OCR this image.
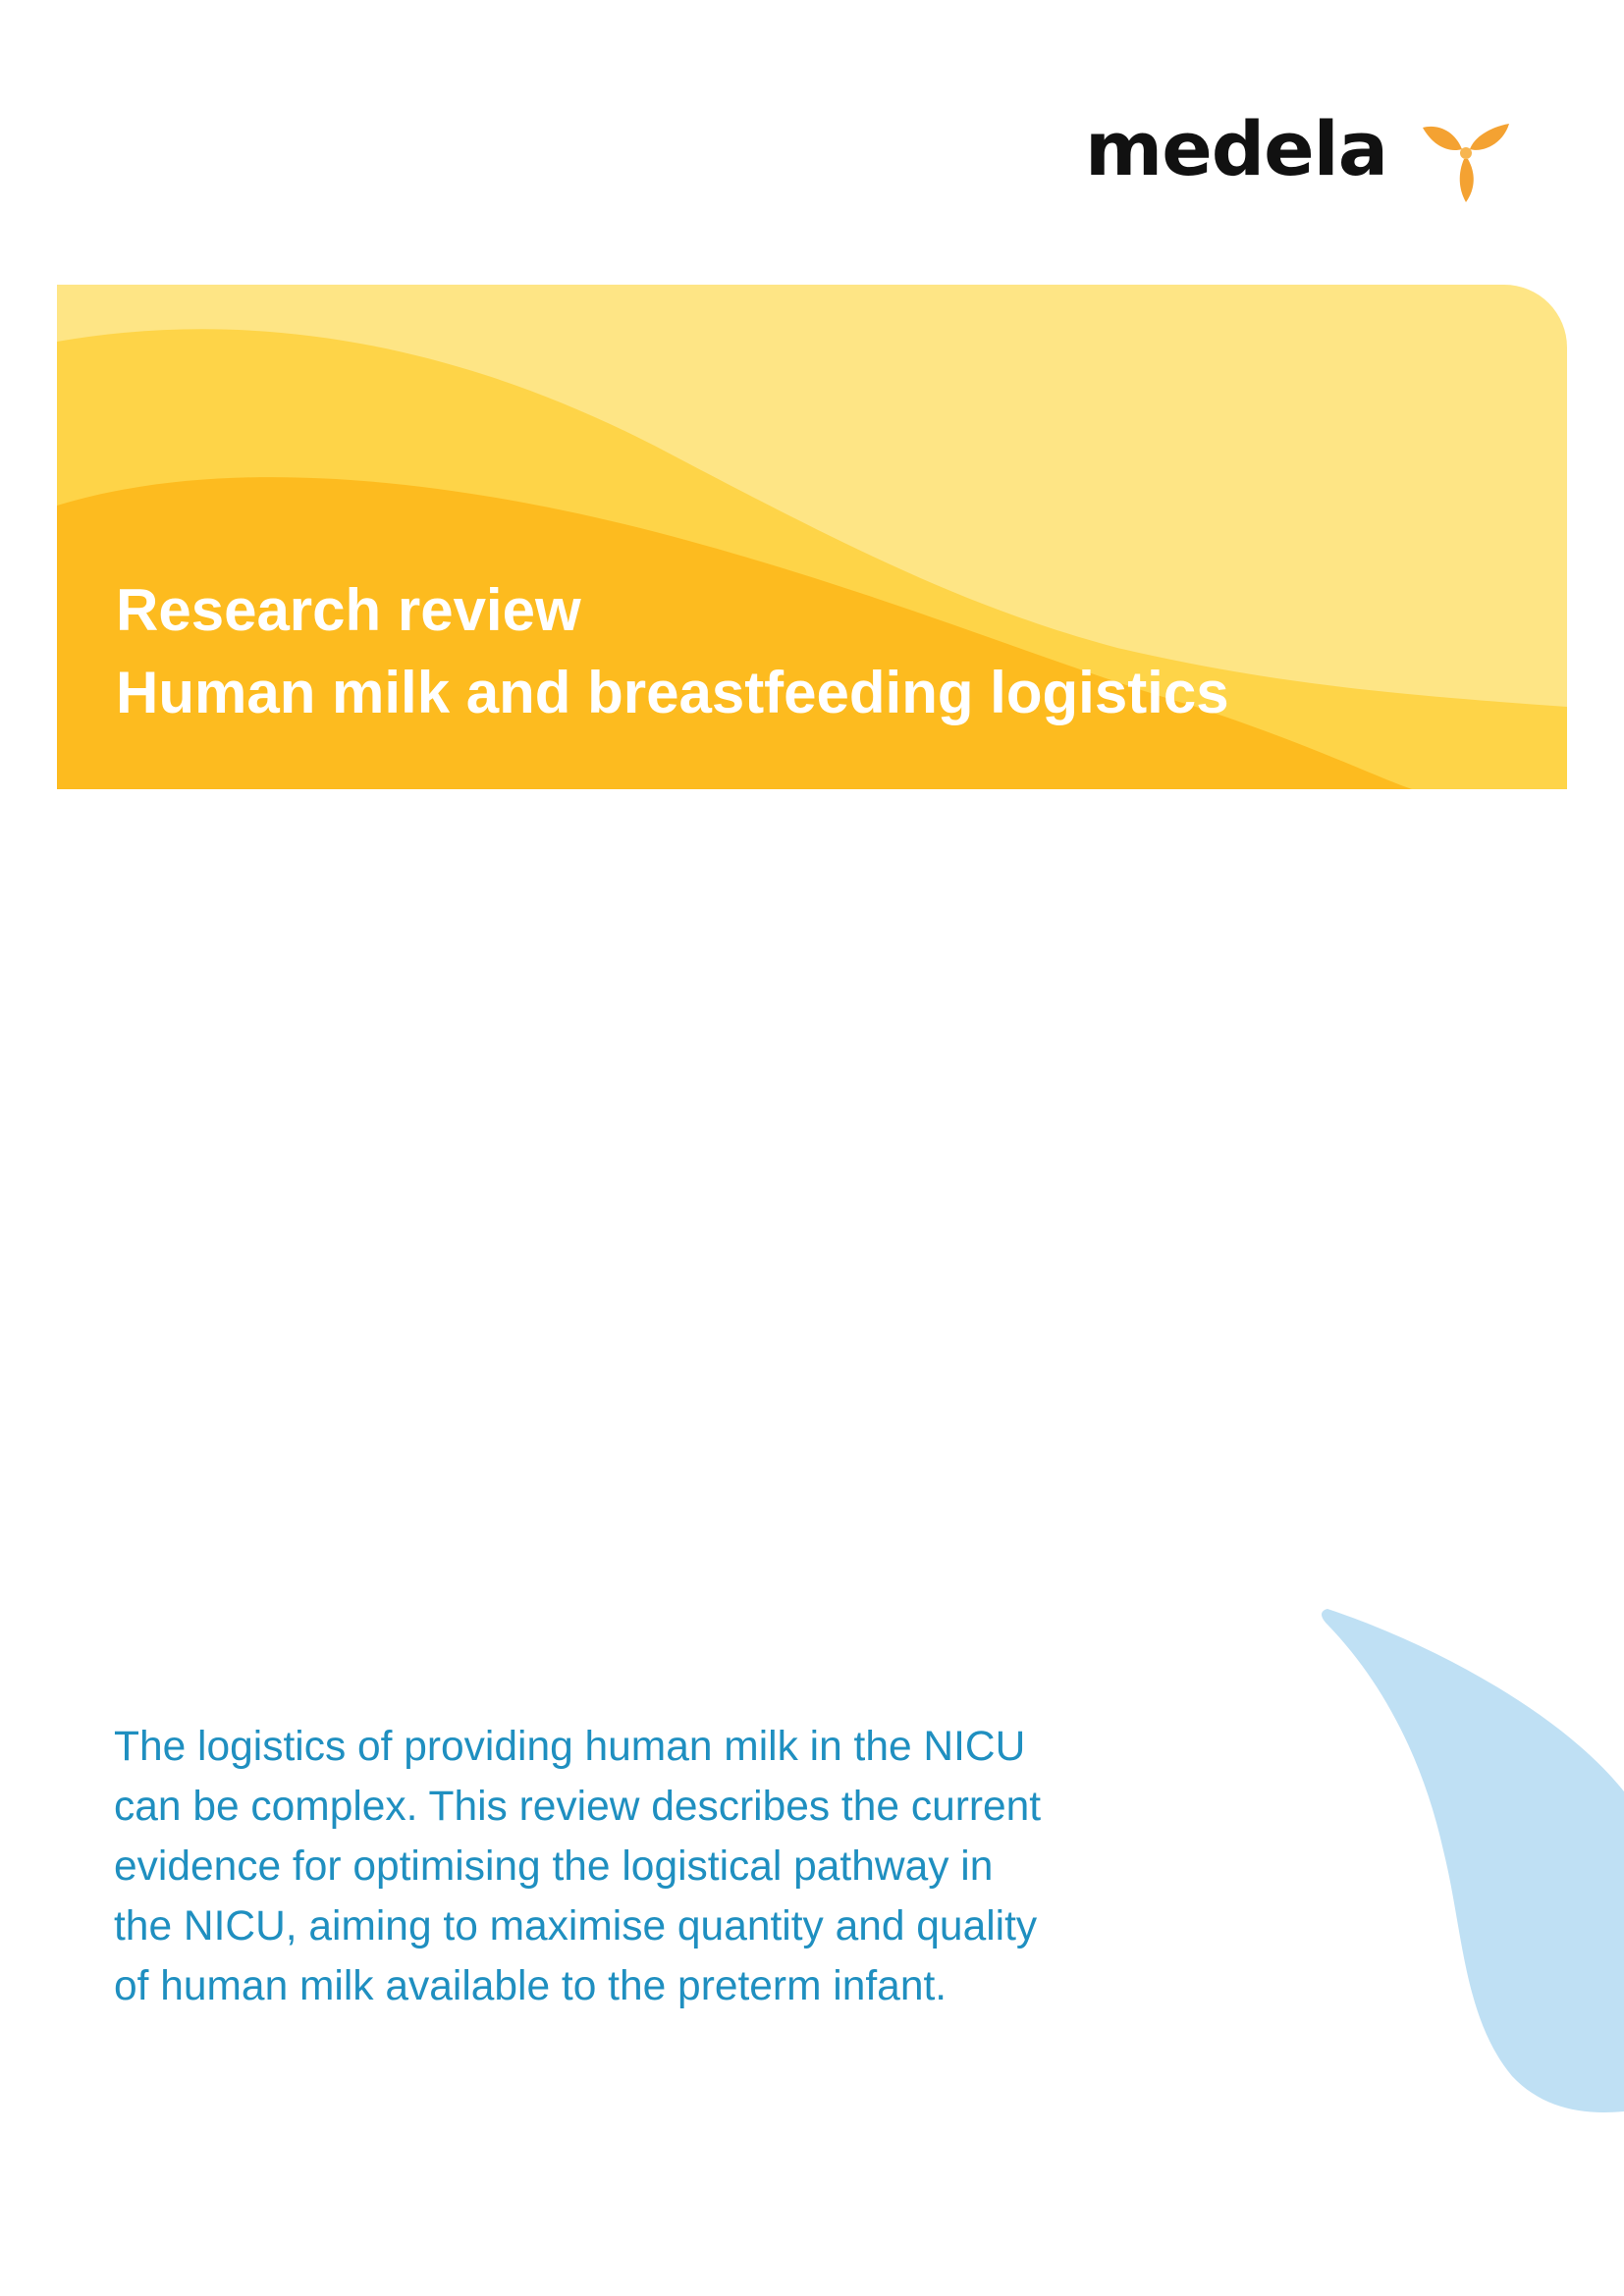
medela
Research review
Human milk and breastfeeding logistics

The logistics of providing human milk in the NICU
can be complex. This review describes the current
evidence for optimising the logistical pathway in
the NICU, aiming to maximise quantity and quality
of human milk available to the preterm infant.
